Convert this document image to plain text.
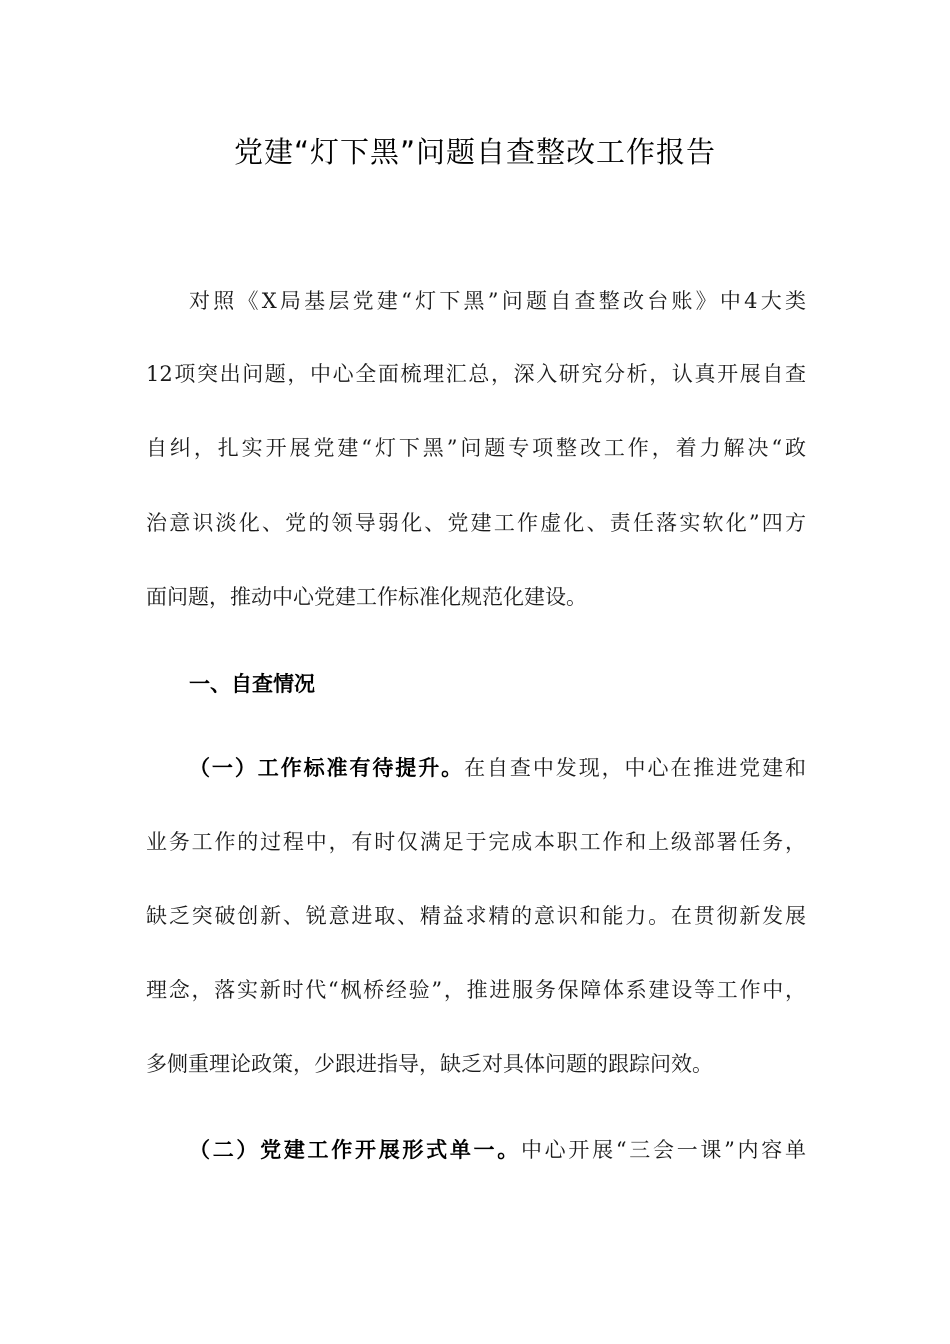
党建“灯下黑”问题自查整改工作报告

对照《X局基层党建“灯下黑”问题自查整改台账》中4大类

12项突出问题，中心全面梳理汇总，深入研究分析，认真开展自查

自纠，扎实开展党建“灯下黑”问题专项整改工作，着力解决“政

治意识淡化、党的领导弱化、党建工作虚化、责任落实软化”四方

面问题，推动中心党建工作标准化规范化建设。

一、自查情况

（一）工作标准有待提升。在自查中发现，中心在推进党建和

业务工作的过程中，有时仅满足于完成本职工作和上级部署任务，

缺乏突破创新、锐意进取、精益求精的意识和能力。在贯彻新发展

理念，落实新时代“枫桥经验”，推进服务保障体系建设等工作中，

多侧重理论政策，少跟进指导，缺乏对具体问题的跟踪问效。

（二）党建工作开展形式单一。中心开展“三会一课”内容单
